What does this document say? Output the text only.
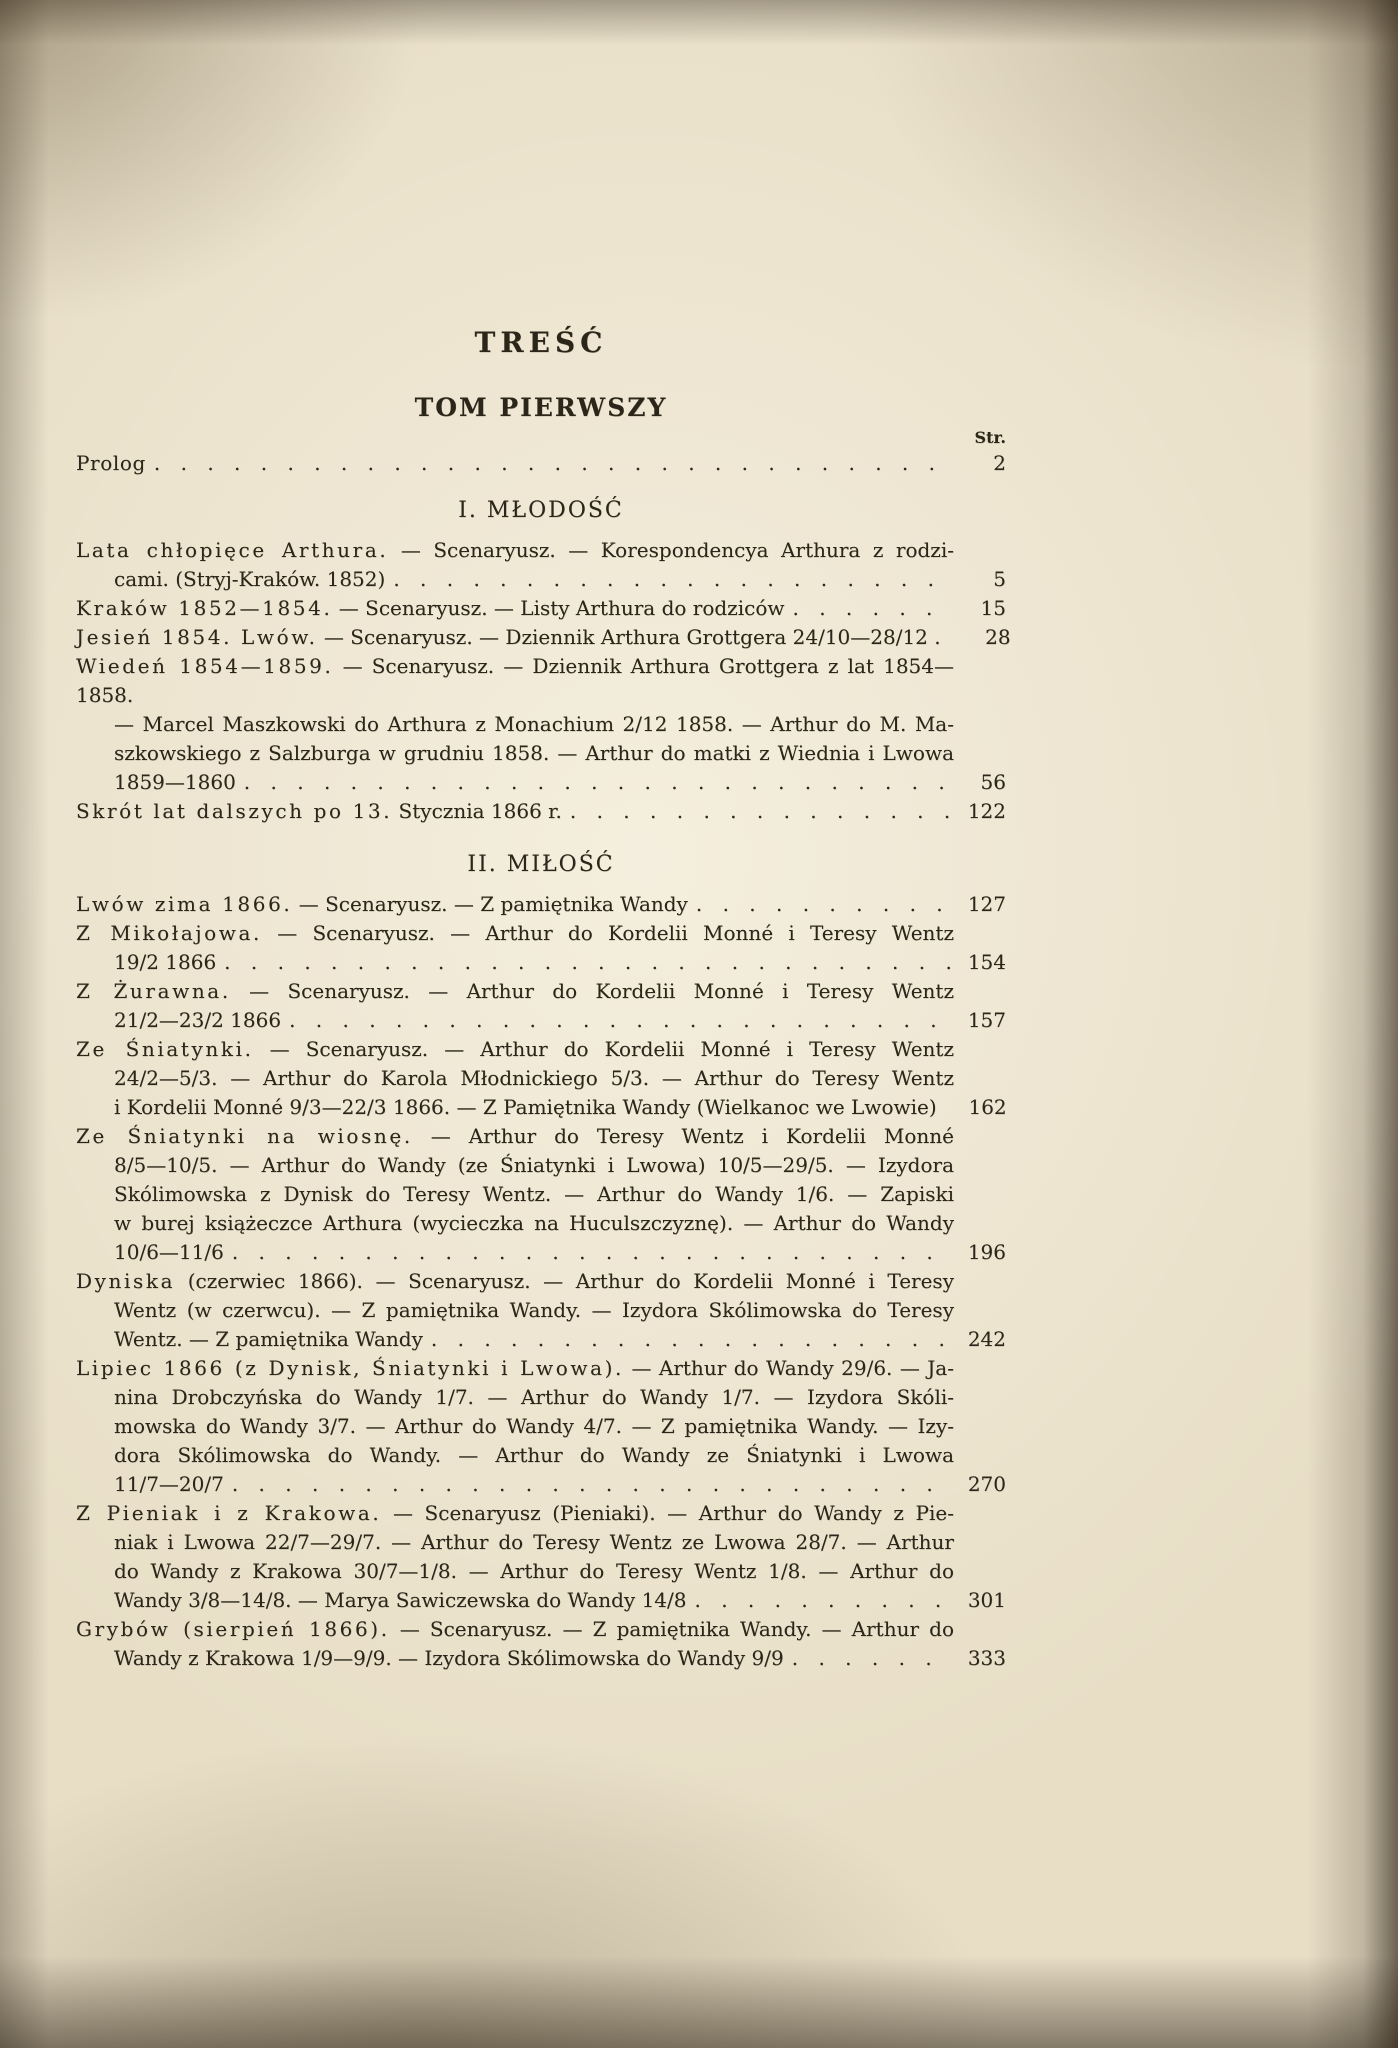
TREŚĆ
TOM PIERWSZY
Str.
Prolog . . .	2
I. MŁODOŚĆ
Lata chłopięce Arthura. — Scenaryusz. — Korespondencya Arthura z rodzi-
cami. (Stryj-Kraków. 1852) . . .	5
Kraków 1852—1854. — Scenaryusz. — Listy Arthura do rodziców . . .	15
Jesień 1854. Lwów. — Scenaryusz. — Dziennik Arthura Grottgera 24/10—28/12 .	28
Wiedeń 1854—1859. — Scenaryusz. — Dziennik Arthura Grottgera z lat 1854—1858.
— Marcel Maszkowski do Arthura z Monachium 2/12 1858. — Arthur do M. Ma-
szkowskiego z Salzburga w grudniu 1858. — Arthur do matki z Wiednia i Lwowa
1859—1860 . . .	56
Skrót lat dalszych po 13. Stycznia 1866 r. . . .	122
II. MIŁOŚĆ
Lwów zima 1866. — Scenaryusz. — Z pamiętnika Wandy . . .	127
Z Mikołajowa. — Scenaryusz. — Arthur do Kordelii Monné i Teresy Wentz
19/2 1866 . . .	154
Z Żurawna. — Scenaryusz. — Arthur do Kordelii Monné i Teresy Wentz
21/2—23/2 1866 . . .	157
Ze Śniatynki. — Scenaryusz. — Arthur do Kordelii Monné i Teresy Wentz
24/2—5/3. — Arthur do Karola Młodnickiego 5/3. — Arthur do Teresy Wentz
i Kordelii Monné 9/3—22/3 1866. — Z Pamiętnika Wandy (Wielkanoc we Lwowie)	162
Ze Śniatynki na wiosnę. — Arthur do Teresy Wentz i Kordelii Monné
8/5—10/5. — Arthur do Wandy (ze Śniatynki i Lwowa) 10/5—29/5. — Izydora
Skólimowska z Dynisk do Teresy Wentz. — Arthur do Wandy 1/6. — Zapiski
w burej książeczce Arthura (wycieczka na Huculszczyznę). — Arthur do Wandy
10/6—11/6 . . .	196
Dyniska (czerwiec 1866). — Scenaryusz. — Arthur do Kordelii Monné i Teresy
Wentz (w czerwcu). — Z pamiętnika Wandy. — Izydora Skólimowska do Teresy
Wentz. — Z pamiętnika Wandy . . .	242
Lipiec 1866 (z Dynisk, Śniatynki i Lwowa). — Arthur do Wandy 29/6. — Ja-
nina Drobczyńska do Wandy 1/7. — Arthur do Wandy 1/7. — Izydora Skóli-
mowska do Wandy 3/7. — Arthur do Wandy 4/7. — Z pamiętnika Wandy. — Izy-
dora Skólimowska do Wandy. — Arthur do Wandy ze Śniatynki i Lwowa
11/7—20/7 . . .	270
Z Pieniak i z Krakowa. — Scenaryusz (Pieniaki). — Arthur do Wandy z Pie-
niak i Lwowa 22/7—29/7. — Arthur do Teresy Wentz ze Lwowa 28/7. — Arthur
do Wandy z Krakowa 30/7—1/8. — Arthur do Teresy Wentz 1/8. — Arthur do
Wandy 3/8—14/8. — Marya Sawiczewska do Wandy 14/8 . . .	301
Grybów (sierpień 1866). — Scenaryusz. — Z pamiętnika Wandy. — Arthur do
Wandy z Krakowa 1/9—9/9. — Izydora Skólimowska do Wandy 9/9 . . .	333
